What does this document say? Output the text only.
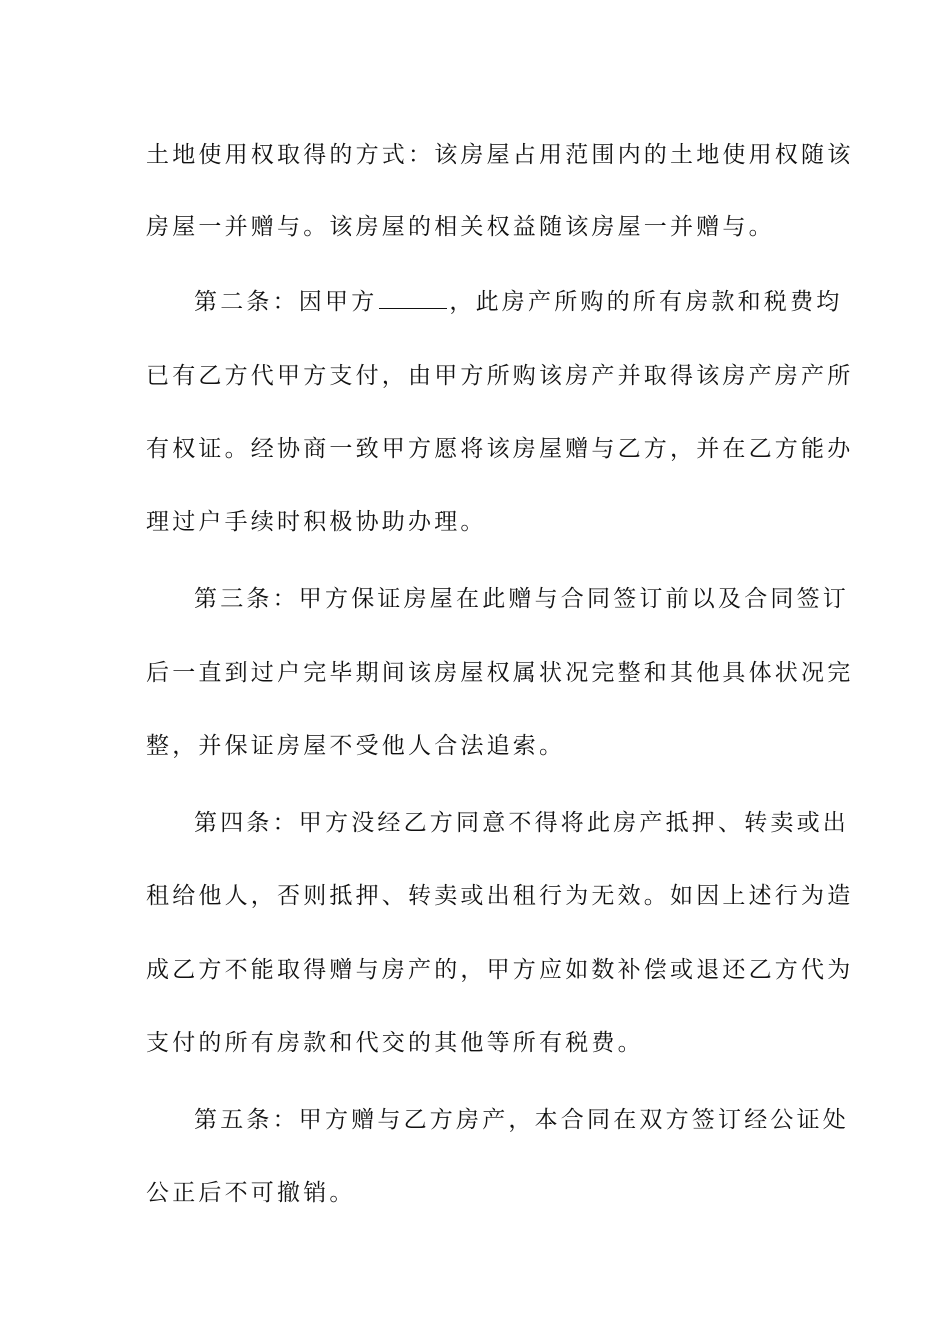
土地使用权取得的方式：该房屋占用范围内的土地使用权随该
房屋一并赠与。该房屋的相关权益随该房屋一并赠与。
第二条：因甲方	，此房产所购的所有房款和税费均
已有乙方代甲方支付，由甲方所购该房产并取得该房产房产所
有权证。经协商一致甲方愿将该房屋赠与乙方，并在乙方能办
理过户手续时积极协助办理。
第三条：甲方保证房屋在此赠与合同签订前以及合同签订
后一直到过户完毕期间该房屋权属状况完整和其他具体状况完
整，并保证房屋不受他人合法追索。
第四条：甲方没经乙方同意不得将此房产抵押、转卖或出
租给他人，否则抵押、转卖或出租行为无效。如因上述行为造
成乙方不能取得赠与房产的，甲方应如数补偿或退还乙方代为
支付的所有房款和代交的其他等所有税费。
第五条：甲方赠与乙方房产，本合同在双方签订经公证处
公正后不可撤销。
